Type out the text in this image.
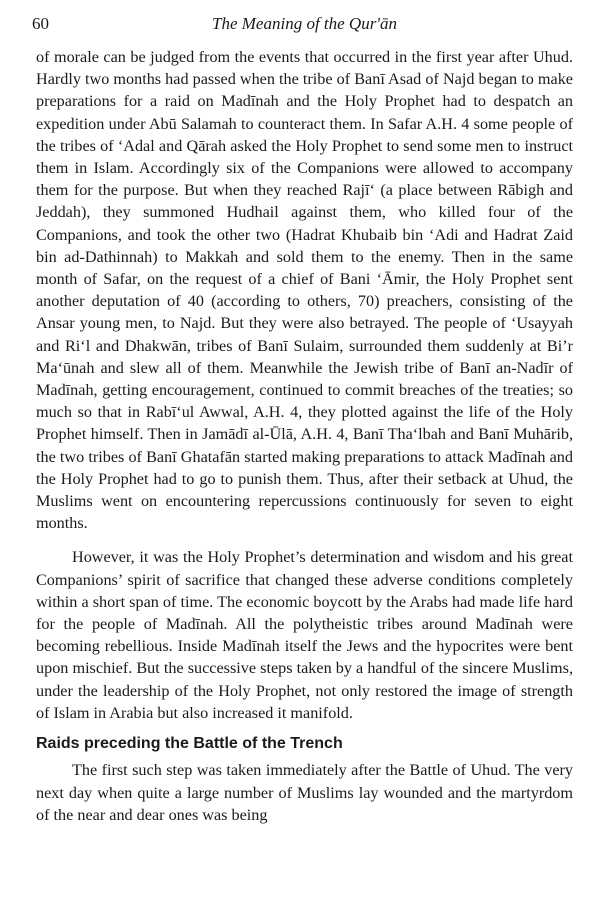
60	The Meaning of the Qur'ān

of morale can be judged from the events that occurred in the first year after Uhud. Hardly two months had passed when the tribe of Banī Asad of Najd began to make preparations for a raid on Madīnah and the Holy Prophet had to despatch an expedition under Abū Salamah to counteract them. In Safar A.H. 4 some people of the tribes of ‘Adal and Qārah asked the Holy Prophet to send some men to instruct them in Islam. Accordingly six of the Companions were allowed to accompany them for the purpose. But when they reached Rajī‘ (a place between Rābigh and Jeddah), they summoned Hudhail against them, who killed four of the Companions, and took the other two (Hadrat Khubaib bin ‘Adi and Hadrat Zaid bin ad-Dathinnah) to Makkah and sold them to the enemy. Then in the same month of Safar, on the request of a chief of Bani ‘Āmir, the Holy Prophet sent another deputation of 40 (according to others, 70) preachers, consisting of the Ansar young men, to Najd. But they were also betrayed. The people of ‘Usayyah and Ri‘l and Dhakwān, tribes of Banī Sulaim, surrounded them suddenly at Bi’r Ma‘ūnah and slew all of them. Meanwhile the Jewish tribe of Banī an-Nadīr of Madīnah, getting encouragement, continued to commit breaches of the treaties; so much so that in Rabī‘ul Awwal, A.H. 4, they plotted against the life of the Holy Prophet himself. Then in Jamādī al-Ūlā, A.H. 4, Banī Tha‘lbah and Banī Muhārib, the two tribes of Banī Ghatafān started making preparations to attack Madīnah and the Holy Prophet had to go to punish them. Thus, after their setback at Uhud, the Muslims went on encountering repercussions continuously for seven to eight months.

However, it was the Holy Prophet’s determination and wisdom and his great Companions’ spirit of sacrifice that changed these adverse conditions completely within a short span of time. The economic boycott by the Arabs had made life hard for the people of Madīnah. All the polytheistic tribes around Madīnah were becoming rebellious. Inside Madīnah itself the Jews and the hypocrites were bent upon mischief. But the successive steps taken by a handful of the sincere Muslims, under the leadership of the Holy Prophet, not only restored the image of strength of Islam in Arabia but also increased it manifold.

Raids preceding the Battle of the Trench

The first such step was taken immediately after the Battle of Uhud. The very next day when quite a large number of Muslims lay wounded and the martyrdom of the near and dear ones was being
